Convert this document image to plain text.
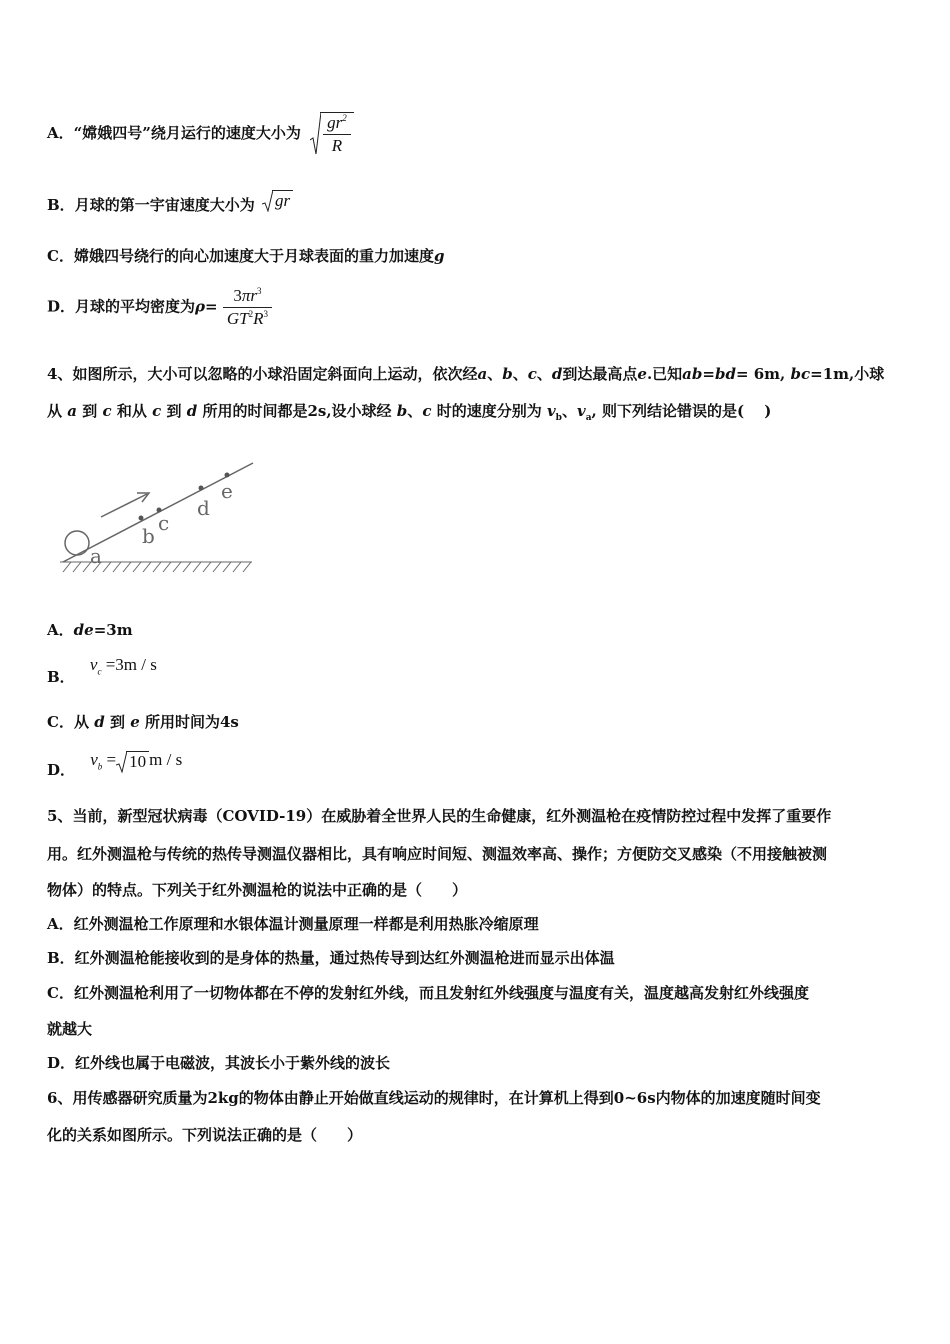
A．“嫦娥四号”绕月运行的速度大小为 $\frac{gr^2}{R}$
B．月球的第一宇宙速度大小为 gr
C．嫦娥四号绕行的向心加速度大于月球表面的重力加速度g
D．月球的平均密度为$\rho= \frac{3\pi r^3}{GT^2R^3}$
4、如图所示，大小可以忽略的小球沿固定斜面向上运动，依次经a、b、c、d到达最高点e.已知ab=bd= 6m, bc=1m,小球
从 a 到 c 和从 c 到 d 所用的时间都是2s,设小球经 b、c 时的速度分别为 $v_b$、$v_a$, 则下列结论错误的是(　 )
a
b
c
d
e
A．de=3m
B． $v_c =3m / s$
C．从 d 到 e 所用时间为4s
D． $v_b = 10$ m / s
5、当前，新型冠状病毒（COVID-19）在威胁着全世界人民的生命健康，红外测温枪在疫情防控过程中发挥了重要作
用。红外测温枪与传统的热传导测温仪器相比，具有响应时间短、测温效率高、操作；方便防交叉感染（不用接触被测
物体）的特点。下列关于红外测温枪的说法中正确的是（　　）
A．红外测温枪工作原理和水银体温计测量原理一样都是利用热胀冷缩原理
B．红外测温枪能接收到的是身体的热量，通过热传导到达红外测温枪进而显示出体温
C．红外测温枪利用了一切物体都在不停的发射红外线，而且发射红外线强度与温度有关，温度越高发射红外线强度
就越大
D．红外线也属于电磁波，其波长小于紫外线的波长
6、用传感器研究质量为2kg的物体由静止开始做直线运动的规律时，在计算机上得到0~6s内物体的加速度随时间变
化的关系如图所示。下列说法正确的是（　　）
